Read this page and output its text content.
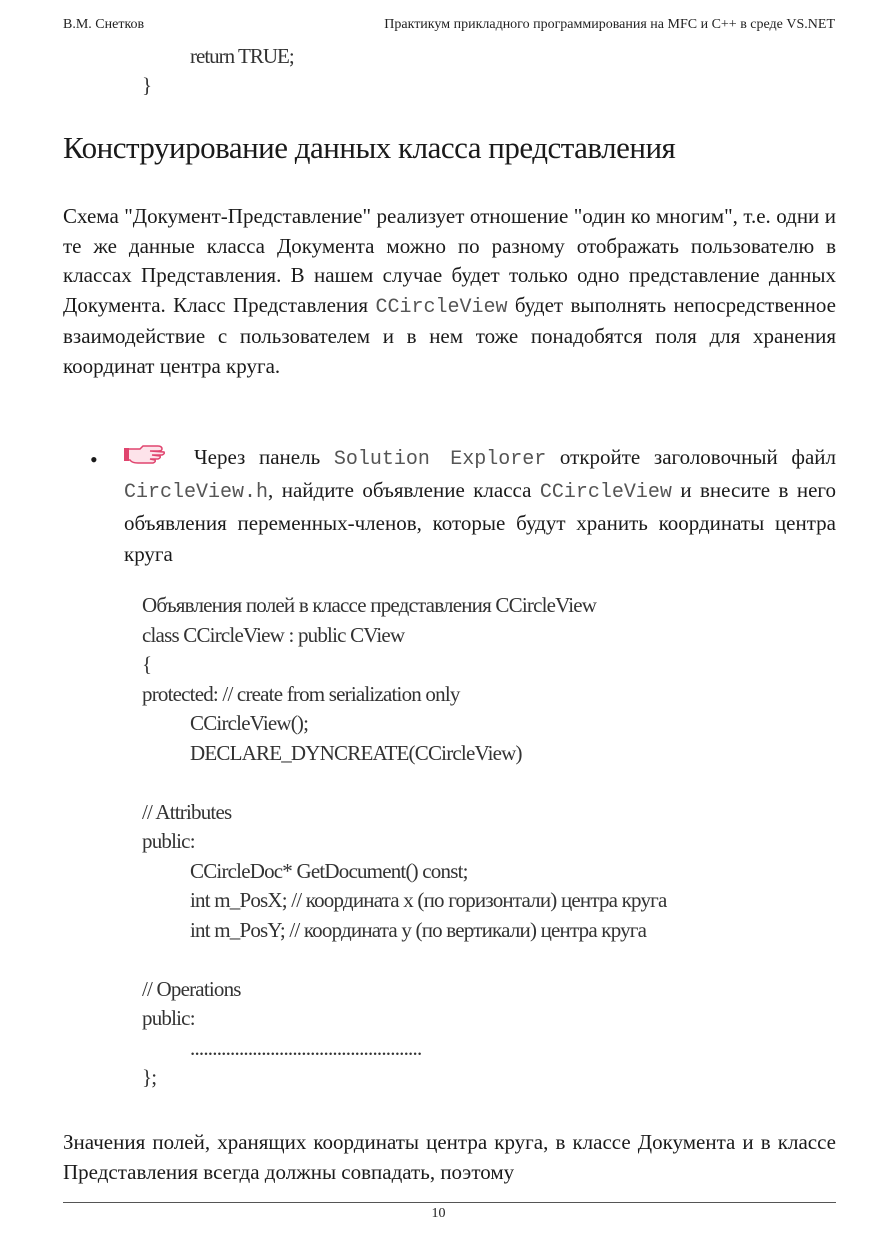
В.М. Снетков	Практикум прикладного программирования на MFC и C++ в среде VS.NET
return TRUE;
}
Конструирование данных класса представления

Схема "Документ-Представление" реализует отношение "один ко многим", т.е. одни и те же данные класса Документа можно по разному отображать пользователю в классах Представления. В нашем случае будет только одно представление данных Документа. Класс Представления CCircleView будет выполнять непосредственное взаимодействие с пользователем и в нем тоже понадобятся поля для хранения координат центра круга.

•	Через панель Solution Explorer откройте заголовочный файл CircleView.h, найдите объявление класса CCircleView и внесите в него объявления переменных-членов, которые будут хранить координаты центра круга

Объявления полей в классе представления CCircleView
class CCircleView : public CView
{
protected: // create from serialization only
CCircleView();
DECLARE_DYNCREATE(CCircleView)
// Attributes
public:
CCircleDoc* GetDocument() const;
int m_PosX; // координата x (по горизонтали) центра круга
int m_PosY; // координата y (по вертикали) центра круга
// Operations
public:
....................................................
};

Значения полей, хранящих координаты центра круга, в классе Документа и в классе Представления всегда должны совпадать, поэтому

10
